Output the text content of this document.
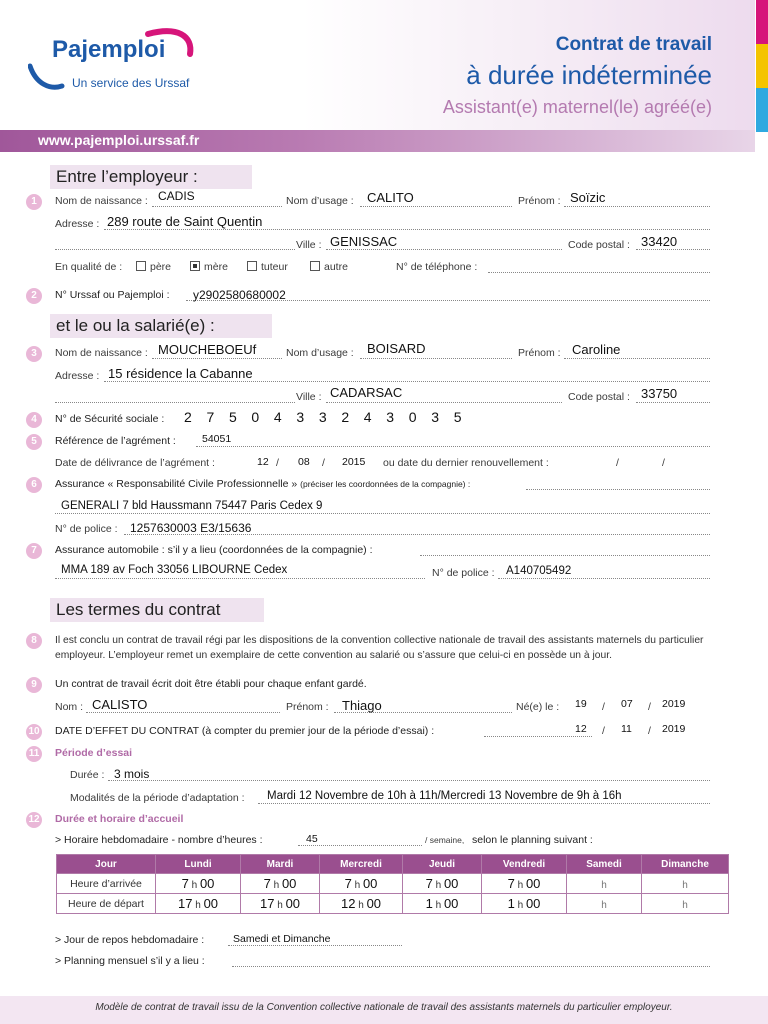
Pajemploi
Un service des Urssaf
Contrat de travail
à durée indéterminée
Assistant(e) maternel(le) agréé(e)
www.pajemploi.urssaf.fr
Entre l’employeur :
1	Nom de naissance : CADIS	Nom d’usage : CALITO	Prénom : Soïzic
Adresse : 289 route de Saint Quentin
Ville : GENISSAC	Code postal : 33420
En qualité de :	père	mère	tuteur	autre	N° de téléphone :
2	N° Urssaf ou Pajemploi : y2902580680002
et le ou la salarié(e) :
3	Nom de naissance : MOUCHEBOEUf	Nom d’usage : BOISARD	Prénom : Caroline
Adresse : 15 résidence la Cabanne
Ville : CADARSAC	Code postal : 33750
4	N° de Sécurité sociale : 2 7 5 0 4 3 3 2 4 3 0 3 5
5	Référence de l’agrément : 54051
Date de délivrance de l’agrément :	12 / 08 / 2015 ou date du dernier renouvellement :	/	/
6	Assurance « Responsabilité Civile Professionnelle » (préciser les coordonnées de la compagnie) :
GENERALI 7 bld Haussmann 75447 Paris Cedex 9
N° de police : 1257630003 E3/15636
7	Assurance automobile : s’il y a lieu (coordonnées de la compagnie) :
MMA 189 av Foch 33056 LIBOURNE Cedex	N° de police : A140705492
Les termes du contrat
8	Il est conclu un contrat de travail régi par les dispositions de la convention collective nationale de travail des assistants maternels du particulier employeur. L’employeur remet un exemplaire de cette convention au salarié ou s’assure que celui-ci en possède un à jour.
9	Un contrat de travail écrit doit être établi pour chaque enfant gardé.
Nom : CALISTO	Prénom : Thiago	Né(e) le : 19 / 07 / 2019
10 DATE D’EFFET DU CONTRAT (à compter du premier jour de la période d’essai) :	12 / 11 / 2019
11 Période d’essai
Durée : 3 mois
Modalités de la période d’adaptation : Mardi 12 Novembre de 10h à 11h/Mercredi 13 Novembre de 9h à 16h
12 Durée et horaire d’accueil
> Horaire hebdomadaire - nombre d’heures :	45	/ semaine, selon le planning suivant :
Jour	Lundi	Mardi	Mercredi	Jeudi	Vendredi	Samedi	Dimanche
Heure d’arrivée	7 h 00	7 h 00	7 h 00	7 h 00	7 h 00	h	h
Heure de départ	17 h 00	17 h 00	12 h 00	1 h 00	1 h 00	h	h
> Jour de repos hebdomadaire :	Samedi et Dimanche
> Planning mensuel s’il y a lieu :
Modèle de contrat de travail issu de la Convention collective nationale de travail des assistants maternels du particulier employeur.
